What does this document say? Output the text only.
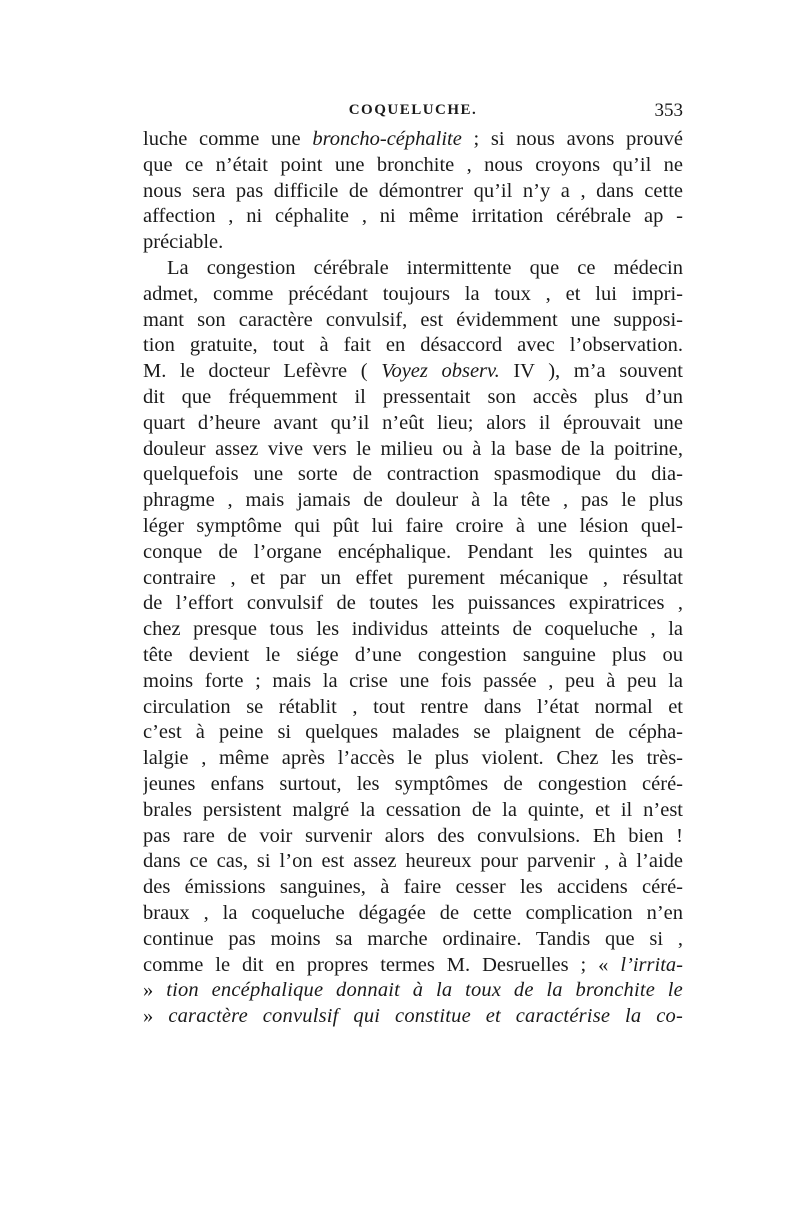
COQUELUCHE.	353
luche comme une broncho-céphalite ; si nous avons prouvé
que ce n’était point une bronchite , nous croyons qu’il ne
nous sera pas difficile de démontrer qu’il n’y a , dans cette
affection , ni céphalite , ni même irritation cérébrale ap -
préciable.
La congestion cérébrale intermittente que ce médecin
admet, comme précédant toujours la toux , et lui impri-
mant son caractère convulsif, est évidemment une supposi-
tion gratuite, tout à fait en désaccord avec l’observation.
M. le docteur Lefèvre ( Voyez observ. IV ), m’a souvent
dit que fréquemment il pressentait son accès plus d’un
quart d’heure avant qu’il n’eût lieu; alors il éprouvait une
douleur assez vive vers le milieu ou à la base de la poitrine,
quelquefois une sorte de contraction spasmodique du dia-
phragme , mais jamais de douleur à la tête , pas le plus
léger symptôme qui pût lui faire croire à une lésion quel-
conque de l’organe encéphalique. Pendant les quintes au
contraire , et par un effet purement mécanique , résultat
de l’effort convulsif de toutes les puissances expiratrices ,
chez presque tous les individus atteints de coqueluche , la
tête devient le siége d’une congestion sanguine plus ou
moins forte ; mais la crise une fois passée , peu à peu la
circulation se rétablit , tout rentre dans l’état normal et
c’est à peine si quelques malades se plaignent de cépha-
lalgie , même après l’accès le plus violent. Chez les très-
jeunes enfans surtout, les symptômes de congestion céré-
brales persistent malgré la cessation de la quinte, et il n’est
pas rare de voir survenir alors des convulsions. Eh bien !
dans ce cas, si l’on est assez heureux pour parvenir , à l’aide
des émissions sanguines, à faire cesser les accidens céré-
braux , la coqueluche dégagée de cette complication n’en
continue pas moins sa marche ordinaire. Tandis que si ,
comme le dit en propres termes M. Desruelles ; « l’irrita-
» tion encéphalique donnait à la toux de la bronchite le
» caractère convulsif qui constitue et caractérise la co-
